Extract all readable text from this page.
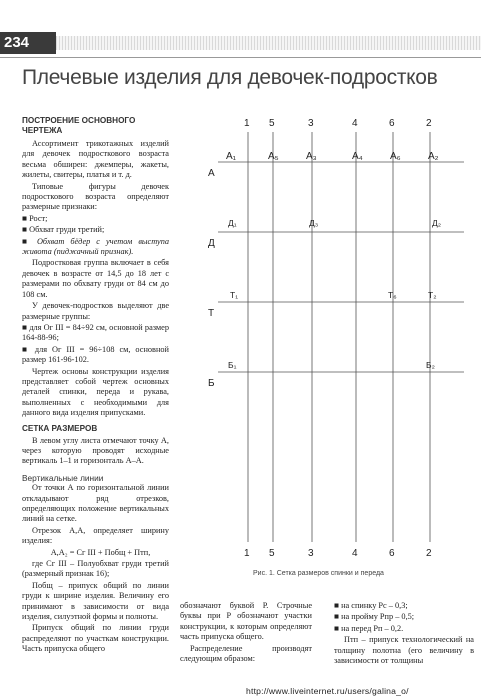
234
Плечевые изделия для девочек-подростков
ПОСТРОЕНИЕ ОСНОВНОГО
ЧЕРТЕЖА

Ассортимент трикотажных изделий для девочек подросткового возраста весьма обширен: джемперы, жакеты, жилеты, свитеры, платья и т. д.

Типовые фигуры девочек подросткового возраста определяют размерные признаки:

■ Рост;

■ Обхват груди третий;

■ Обхват бёдер с учетом выступа живота (пиджачный признак).

Подростковая группа включает в себя девочек в возрасте от 14,5 до 18 лет с размерами по обхвату груди от 84 см до 108 см.

У девочек-подростков выделяют две размерные группы:

■ для Ог III = 84÷92 см, основной размер 164-88-96;

■ для Ог III = 96÷108 см, основной размер 161-96-102.

Чертеж основы конструкции изделия представляет собой чертеж основных деталей спинки, переда и рукава, выполненных с необходимыми для данного вида изделия припусками.

СЕТКА РАЗМЕРОВ

В левом углу листа отмечают точку А, через которую проводят исходные вертикаль 1–1 и горизонталь А–А.

Вертикальные линии

От точки А по горизонтальной линии откладывают ряд отрезков, определяющих положение вертикальных линий на сетке.

Отрезок А,А, определяет ширину изделия:

А,А₂ = Сг III + Побщ + Птп,

где Сг III – Полуобхват груди третий (размерный признак 16);

Побщ – припуск общий по линии груди к ширине изделия. Величину его принимают в зависимости от вида изделия, силуэтной формы и полноты.

Припуск общий по линии груди распределяют по участкам конструкции. Часть припуска общего

1 5	3	4	6	2
1 5	3	4	6	2
А₁	А₅	А₃	А₄	А₆	А₂
А
Д
Т
Б
Д₁	Д₃	Д₂
Т₁	Т₆	Т₂
Б₁	Б₂
Рис. 1. Сетка размеров спинки и переда

обозначают буквой Р. Строчные буквы при Р обозначают участки конструкции, к которым определяют часть припуска общего.

Распределение производят следующим образом:

■ на спинку Рс – 0,3;

■ на пройму Рпр – 0,5;

■ на перед Рп – 0,2.

Птп – припуск технологический на толщину полотна (его величину в зависимости от толщины

http://www.liveinternet.ru/users/galina_o/
